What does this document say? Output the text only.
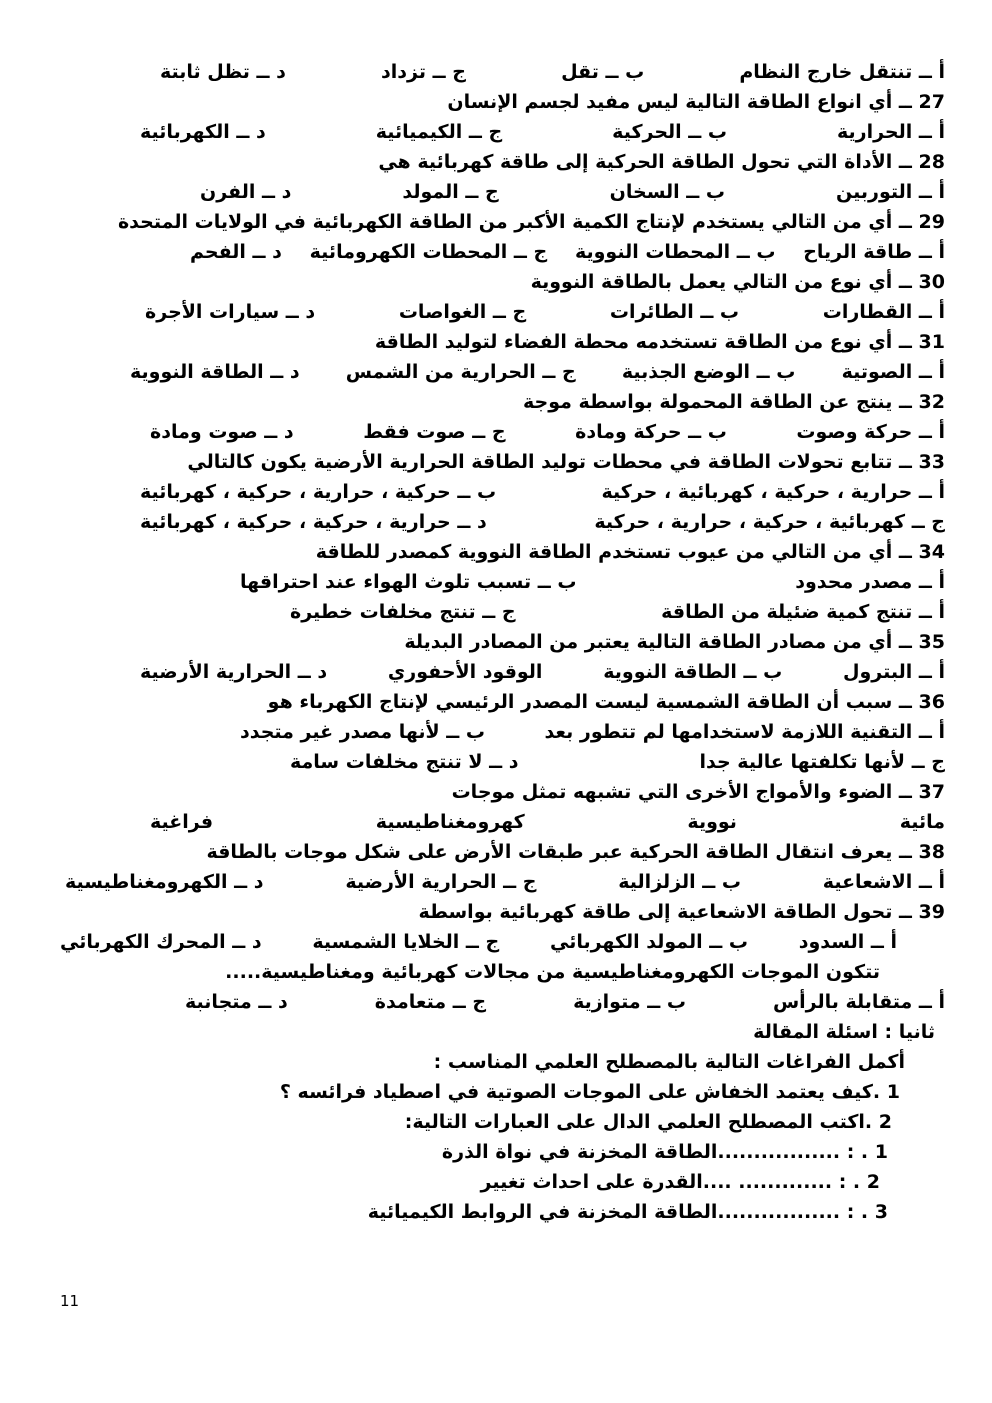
أ ــ تنتقل خارج النظام
ب ــ تقل
ج ــ تزداد
د ــ تظل ثابتة
27 ــ أي انواع الطاقة التالية ليس مفيد لجسم الإنسان
أ ــ الحرارية
ب ــ الحركية
ج ــ الكيميائية
د ــ الكهربائية
28 ــ الأداة التي تحول الطاقة الحركية إلى طاقة كهربائية هي
أ ــ التوربين
ب ــ السخان
ج ــ المولد
د ــ الفرن
29 ــ أي من التالي يستخدم لإنتاج الكمية الأكبر من الطاقة الكهربائية في الولايات المتحدة
أ ــ طاقة الرياح
ب ــ المحطات النووية
ج ــ المحطات الكهرومائية
د ــ الفحم
30 ــ أي نوع من التالي يعمل بالطاقة النووية
أ ــ القطارات
ب ــ الطائرات
ج ــ الغواصات
د ــ سيارات الأجرة
31 ــ أي نوع من الطاقة تستخدمه محطة الفضاء لتوليد الطاقة
أ ــ الصوتية
ب ــ الوضع الجذبية
ج ــ الحرارية من الشمس
د ــ الطاقة النووية
32 ــ ينتج عن الطاقة المحمولة بواسطة موجة
أ ــ حركة وصوت
ب ــ حركة ومادة
ج ــ صوت فقط
د ــ صوت ومادة
33 ــ تتابع تحولات الطاقة في محطات توليد الطاقة الحرارية الأرضية يكون كالتالي
أ ــ حرارية ، حركية ، كهربائية ، حركية
ب ــ حركية ، حرارية ، حركية ، كهربائية
ج ــ كهربائية ، حركية ، حرارية ، حركية
د ــ حرارية ، حركية ، حركية ، كهربائية
34 ــ أي من التالي من عيوب تستخدم الطاقة النووية كمصدر للطاقة
أ ــ مصدر محدود
ب ــ تسبب تلوث الهواء عند احتراقها
أ ــ تنتج كمية ضئيلة من الطاقة
ج ــ تنتج مخلفات خطيرة
35 ــ أي من مصادر الطاقة التالية يعتبر من المصادر البديلة
أ ــ البترول
ب ــ الطاقة النووية
الوقود الأحفوري
د ــ الحرارية الأرضية
36 ــ سبب أن الطاقة الشمسية ليست المصدر الرئيسي لإنتاج الكهرباء هو
أ ــ التقنية اللازمة لاستخدامها لم تتطور بعد
ب ــ لأنها مصدر غير متجدد
ج ــ لأنها تكلفتها عالية جدا
د ــ لا تنتج مخلفات سامة
37 ــ الضوء والأمواج الأخرى التي تشبهه تمثل موجات
مائية
نووية
كهرومغناطيسية
فراغية
38 ــ يعرف انتقال الطاقة الحركية عبر طبقات الأرض على شكل موجات بالطاقة
أ ــ الاشعاعية
ب ــ الزلزالية
ج ــ الحرارية الأرضية
د ــ الكهرومغناطيسية
39 ــ تحول الطاقة الاشعاعية إلى طاقة كهربائية بواسطة
أ ــ السدود
ب ــ المولد الكهربائي
ج ــ الخلايا الشمسية
د ــ المحرك الكهربائي
تتكون الموجات الكهرومغناطيسية من مجالات كهربائية ومغناطيسية.....
أ ــ متقابلة بالرأس
ب ــ متوازية
ج ــ متعامدة
د ــ متجانبة
ثانيا : اسئلة المقالة
أكمل الفراغات التالية بالمصطلح العلمي المناسب :
1 .كيف يعتمد الخفاش على الموجات الصوتية في اصطياد فرائسه ؟
2 .اكتب المصطلح العلمي الدال على العبارات التالية:
1 . : .................الطاقة المخزنة في نواة الذرة
2 . : ............. ....القدرة على احداث تغيير
3 . : .................الطاقة المخزنة في الروابط الكيميائية
11
